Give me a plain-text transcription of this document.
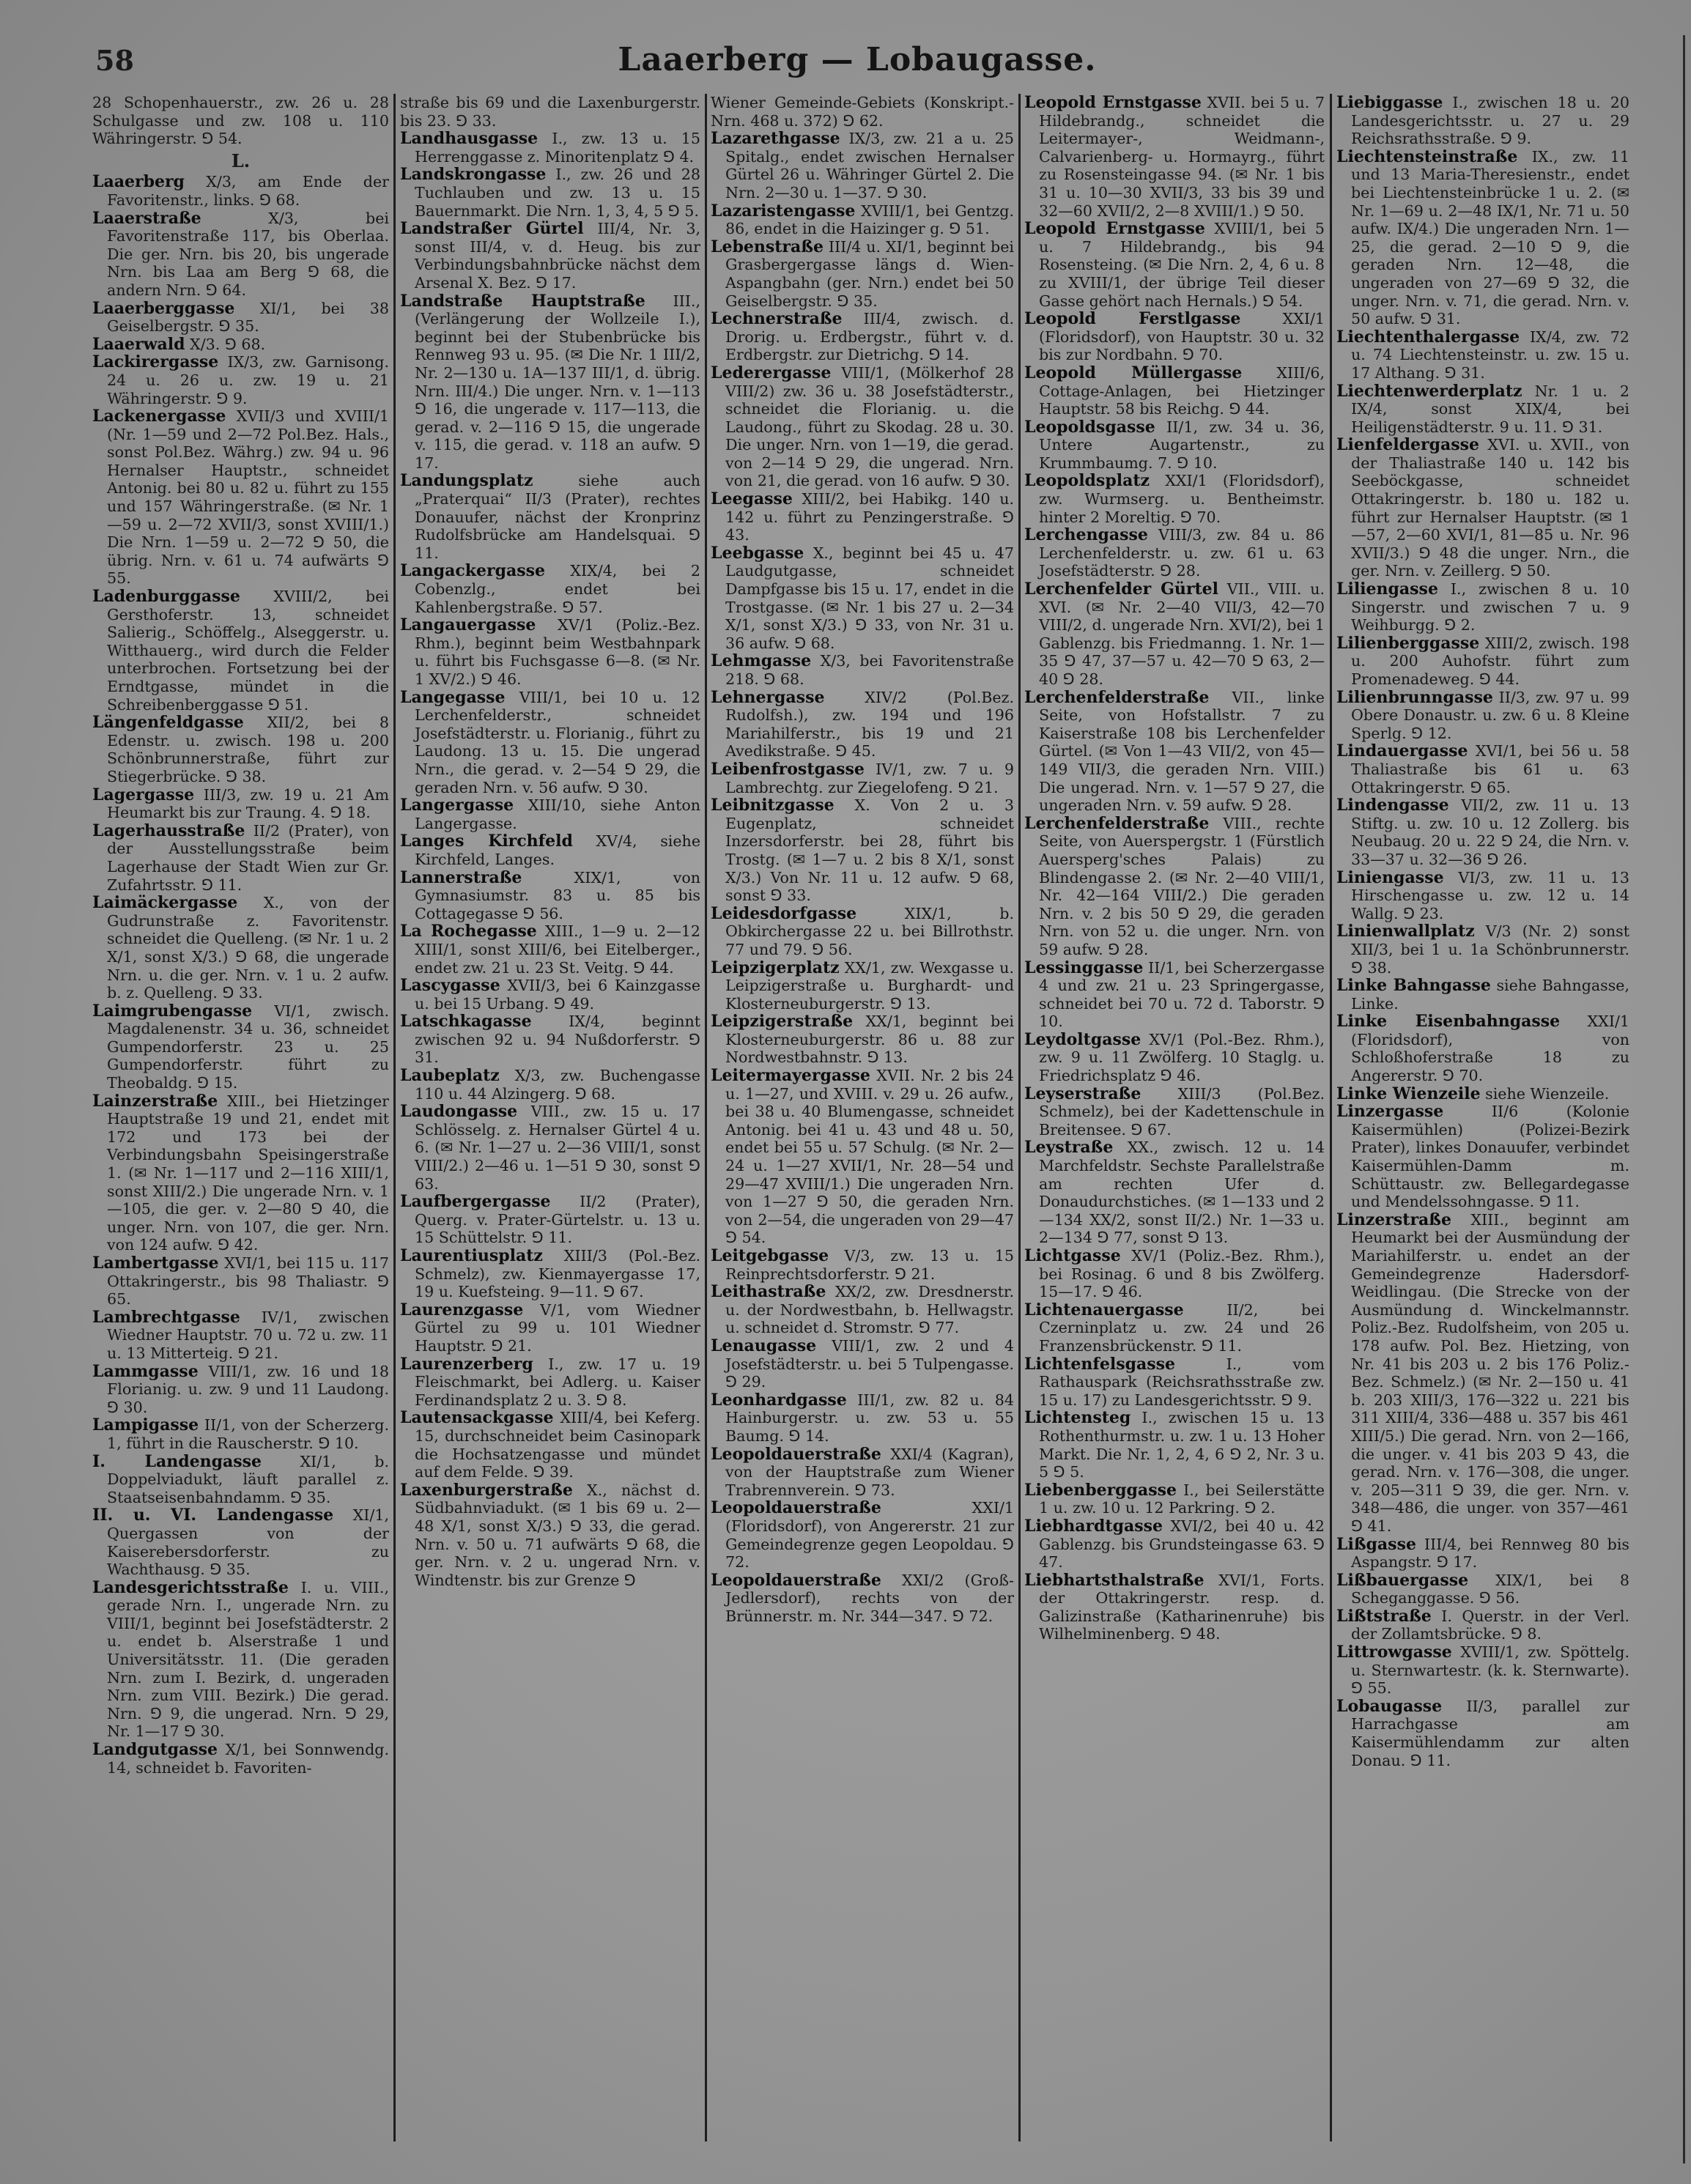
58	Laaerberg — Lobaugasse.

28 Schopenhauerstr., zw. 26 u. 28 Schulgasse und zw. 108 u. 110 Währingerstr. ⅁ 54.

L.

Laaerberg X/3, am Ende der Favoritenstr., links. ⅁ 68.

Laaerstraße	X/3, bei Favoritenstraße 117, bis Oberlaa. Die ger. Nrn. bis 20, bis ungerade Nrn. bis Laa am Berg ⅁ 68, die andern Nrn. ⅁ 64.

Laaerberggasse XI/1, bei 38 Geiselbergstr. ⅁ 35.

Laaerwald X/3. ⅁ 68.

Lackirergasse IX/3, zw. Garnisong. 24 u. 26 u. zw. 19 u. 21 Währingerstr. ⅁ 9.

Lackenergasse XVII/3 und XVIII/1 (Nr. 1—59 und 2—72 Pol.Bez. Hals., sonst Pol.Bez. Währg.) zw. 94 u. 96 Hernalser Hauptstr., schneidet Antonig. bei 80 u. 82 u. führt zu 155 und 157 Währingerstraße. (✉ Nr. 1—59 u. 2—72 XVII/3, sonst XVIII/1.) Die Nrn. 1—59 u. 2—72 ⅁ 50, die übrig. Nrn. v. 61 u. 74 aufwärts ⅁ 55.

Ladenburggasse XVIII/2, bei Gersthoferstr. 13, schneidet Salierig., Schöffelg., Alseggerstr. u. Witthauerg., wird durch die Felder unterbrochen. Fortsetzung bei der Erndtgasse, mündet in die Schreibenberggasse ⅁ 51.

Längenfeldgasse XII/2, bei 8 Edenstr. u. zwisch. 198 u. 200 Schönbrunnerstraße, führt zur Stiegerbrücke. ⅁ 38.

Lagergasse III/3, zw. 19 u. 21 Am Heumarkt bis zur Traung. 4. ⅁ 18.

Lagerhausstraße II/2 (Prater), von der Ausstellungsstraße beim Lagerhause der Stadt Wien zur Gr. Zufahrtsstr. ⅁ 11.

Laimäckergasse X., von der Gudrunstraße z. Favoritenstr. schneidet die Quelleng. (✉ Nr. 1 u. 2 X/1, sonst X/3.) ⅁ 68, die ungerade Nrn. u. die ger. Nrn. v. 1 u. 2 aufw. b. z. Quelleng. ⅁ 33.

Laimgrubengasse VI/1, zwisch. Magdalenenstr. 34 u. 36, schneidet Gumpendorferstr. 23 u. 25 Gumpendorferstr. führt zu Theobaldg. ⅁ 15.

Lainzerstraße XIII., bei Hietzinger Hauptstraße 19 und 21, endet mit 172 und 173 bei der Verbindungsbahn Speisingerstraße 1. (✉ Nr. 1—117 und 2—116 XIII/1, sonst XIII/2.) Die ungerade Nrn. v. 1—105, die ger. v. 2—80 ⅁ 40, die unger. Nrn. von 107, die ger. Nrn. von 124 aufw. ⅁ 42.

Lambertgasse XVI/1, bei 115 u. 117 Ottakringerstr., bis 98 Thaliastr. ⅁ 65.

Lambrechtgasse IV/1, zwischen Wiedner Hauptstr. 70 u. 72 u. zw. 11 u. 13 Mitterteig. ⅁ 21.

Lammgasse VIII/1, zw. 16 und 18 Florianig. u. zw. 9 und 11 Laudong. ⅁ 30.

Lampigasse II/1, von der Scherzerg. 1, führt in die Rauscherstr. ⅁ 10.

I. Landengasse	XI/1, b. Doppelviadukt, läuft parallel z. Staatseisenbahndamm. ⅁ 35.

II. u. VI. Landengasse XI/1, Quergassen von der Kaiserebersdorferstr. zu Wachthausg. ⅁ 35.

Landesgerichtsstraße I. u. VIII., gerade Nrn. I., ungerade Nrn. zu VIII/1, beginnt bei Josefstädterstr. 2 u. endet b. Alserstraße 1 und Universitätsstr. 11. (Die geraden Nrn. zum I. Bezirk, d. ungeraden Nrn. zum VIII. Bezirk.) Die gerad. Nrn. ⅁ 9, die ungerad. Nrn. ⅁ 29, Nr. 1—17 ⅁ 30.

Landgutgasse X/1, bei Sonnwendg. 14, schneidet b. Favoriten-

straße bis 69 und die Laxenburgerstr. bis 23. ⅁ 33.

Landhausgasse I., zw. 13 u. 15 Herrenggasse z. Minoritenplatz ⅁ 4.

Landskrongasse I., zw. 26 und 28 Tuchlauben und zw. 13 u. 15 Bauernmarkt. Die Nrn. 1, 3, 4, 5 ⅁ 5.

Landstraßer Gürtel III/4, Nr. 3, sonst III/4, v. d. Heug. bis zur Verbindungsbahnbrücke nächst dem Arsenal X. Bez. ⅁ 17.

Landstraße Hauptstraße III., (Verlängerung der Wollzeile I.), beginnt bei der Stubenbrücke bis Rennweg 93 u. 95. (✉ Die Nr. 1 III/2, Nr. 2—130 u. 1A—137 III/1, d. übrig. Nrn. III/4.) Die unger. Nrn. v. 1—113 ⅁ 16, die ungerade v. 117—113, die gerad. v. 2—116 ⅁ 15, die ungerade v. 115, die gerad. v. 118 an aufw. ⅁ 17.

Landungsplatz	siehe auch „Praterquai“ II/3 (Prater), rechtes Donauufer, nächst der Kronprinz Rudolfsbrücke am Handelsquai. ⅁ 11.

Langackergasse XIX/4, bei 2 Cobenzlg., endet bei Kahlenbergstraße. ⅁ 57.

Langauergasse XV/1 (Poliz.-Bez. Rhm.), beginnt beim Westbahnpark u. führt bis Fuchsgasse 6—8. (✉ Nr. 1 XV/2.) ⅁ 46.

Langegasse VIII/1, bei 10 u. 12 Lerchenfelderstr., schneidet Josefstädterstr. u. Florianig., führt zu Laudong. 13 u. 15. Die ungerad Nrn., die gerad. v. 2—54 ⅁ 29, die geraden Nrn. v. 56 aufw. ⅁ 30.

Langergasse XIII/10, siehe Anton Langergasse.

Langes Kirchfeld XV/4, siehe Kirchfeld, Langes.

Lannerstraße	XIX/1, von Gymnasiumstr. 83 u. 85 bis Cottagegasse ⅁ 56.

La Rochegasse XIII., 1—9 u. 2—12 XIII/1, sonst XIII/6, bei Eitelberger., endet zw. 21 u. 23 St. Veitg. ⅁ 44.

Lascygasse XVII/3, bei 6 Kainzgasse u. bei 15 Urbang. ⅁ 49.

Latschkagasse IX/4, beginnt zwischen 92 u. 94 Nußdorferstr. ⅁ 31.

Laubeplatz X/3, zw. Buchengasse 110 u. 44 Alzingerg. ⅁ 68.

Laudongasse VIII., zw. 15 u. 17 Schlösselg. z. Hernalser Gürtel 4 u. 6. (✉ Nr. 1—27 u. 2—36 VIII/1, sonst VIII/2.) 2—46 u. 1—51 ⅁ 30, sonst ⅁ 63.

Laufbergergasse II/2 (Prater), Querg. v. Prater-Gürtelstr. u. 13 u. 15 Schüttelstr. ⅁ 11.

Laurentiusplatz XIII/3 (Pol.-Bez. Schmelz), zw. Kienmayergasse 17, 19 u. Kuefsteing. 9—11. ⅁ 67.

Laurenzgasse V/1, vom Wiedner Gürtel zu 99 u. 101 Wiedner Hauptstr. ⅁ 21.

Laurenzerberg I., zw. 17 u. 19 Fleischmarkt, bei Adlerg. u. Kaiser Ferdinandsplatz 2 u. 3. ⅁ 8.

Lautensackgasse XIII/4, bei Keferg. 15, durchschneidet beim Casinopark die Hochsatzengasse und mündet auf dem Felde. ⅁ 39.

Laxenburgerstraße X., nächst d. Südbahnviadukt. (✉ 1 bis 69 u. 2—48 X/1, sonst X/3.) ⅁ 33, die gerad. Nrn. v. 50 u. 71 aufwärts ⅁ 68, die ger. Nrn. v. 2 u. ungerad Nrn. v. Windtenstr. bis zur Grenze ⅁

Wiener Gemeinde-Gebiets (Konskript.-Nrn. 468 u. 372) ⅁ 62.

Lazarethgasse IX/3, zw. 21 a u. 25 Spitalg., endet zwischen Hernalser Gürtel 26 u. Währinger Gürtel 2. Die Nrn. 2—30 u. 1—37. ⅁ 30.

Lazaristengasse XVIII/1, bei Gentzg. 86, endet in die Haizinger g. ⅁ 51.

Lebenstraße III/4 u. XI/1, beginnt bei Grasbergergasse längs d. Wien-Aspangbahn (ger. Nrn.) endet bei 50 Geiselbergstr. ⅁ 35.

Lechnerstraße III/4, zwisch. d. Drorig. u. Erdbergstr., führt v. d. Erdbergstr. zur Dietrichg. ⅁ 14.

Lederergasse VIII/1, (Mölkerhof 28 VIII/2) zw. 36 u. 38 Josefstädterstr., schneidet die Florianig. u. die Laudong., führt zu Skodag. 28 u. 30. Die unger. Nrn. von 1—19, die gerad. von 2—14 ⅁ 29, die ungerad. Nrn. von 21, die gerad. von 16 aufw. ⅁ 30.

Leegasse XIII/2, bei Habikg. 140 u. 142 u. führt zu Penzingerstraße. ⅁ 43.

Leebgasse X., beginnt bei 45 u. 47 Laudgutgasse, schneidet Dampfgasse bis 15 u. 17, endet in die Trostgasse. (✉ Nr. 1 bis 27 u. 2—34 X/1, sonst X/3.) ⅁ 33, von Nr. 31 u. 36 aufw. ⅁ 68.

Lehmgasse X/3, bei Favoritenstraße 218. ⅁ 68.

Lehnergasse	XIV/2 (Pol.Bez. Rudolfsh.), zw. 194 und 196 Mariahilferstr., bis 19 und 21 Avedikstraße. ⅁ 45.

Leibenfrostgasse IV/1, zw. 7 u. 9 Lambrechtg. zur Ziegelofeng. ⅁ 21.

Leibnitzgasse X. Von 2 u. 3 Eugenplatz, schneidet Inzersdorferstr. bei 28, führt bis Trostg. (✉ 1—7 u. 2 bis 8 X/1, sonst X/3.) Von Nr. 11 u. 12 aufw. ⅁ 68, sonst ⅁ 33.

Leidesdorfgasse	XIX/1, b. Obkirchergasse 22 u. bei Billrothstr. 77 und 79. ⅁ 56.

Leipzigerplatz XX/1, zw. Wexgasse u. Leipzigerstraße u. Burghardt- und Klosterneuburgerstr. ⅁ 13.

Leipzigerstraße XX/1, beginnt bei Klosterneuburgerstr. 86 u. 88 zur Nordwestbahnstr. ⅁ 13.

Leitermayergasse XVII. Nr. 2 bis 24 u. 1—27, und XVIII. v. 29 u. 26 aufw., bei 38 u. 40 Blumengasse, schneidet Antonig. bei 41 u. 43 und 48 u. 50, endet bei 55 u. 57 Schulg. (✉ Nr. 2—24 u. 1—27 XVII/1, Nr. 28—54 und 29—47 XVIII/1.) Die ungeraden Nrn. von 1—27 ⅁ 50, die geraden Nrn. von 2—54, die ungeraden von 29—47 ⅁ 54.

Leitgebgasse V/3, zw. 13 u. 15 Reinprechtsdorferstr. ⅁ 21.

Leithastraße XX/2, zw. Dresdnerstr. u. der Nordwestbahn, b. Hellwagstr. u. schneidet d. Stromstr. ⅁ 77.

Lenaugasse VIII/1, zw. 2 und 4 Josefstädterstr. u. bei 5 Tulpengasse. ⅁ 29.

Leonhardgasse III/1, zw. 82 u. 84 Hainburgerstr. u. zw. 53 u. 55 Baumg. ⅁ 14.

Leopoldauerstraße XXI/4 (Kagran), von der Hauptstraße zum Wiener Trabrennverein. ⅁ 73.

Leopoldauerstraße	XXI/1 (Floridsdorf), von Angererstr. 21 zur Gemeindegrenze gegen Leopoldau. ⅁ 72.

Leopoldauerstraße XXI/2 (Groß-Jedlersdorf), rechts von der Brünnerstr. m. Nr. 344—347. ⅁ 72.

Leopold Ernstgasse XVII. bei 5 u. 7 Hildebrandg., schneidet die Leitermayer-, Weidmann-, Calvarienberg- u. Hormayrg., führt zu Rosensteingasse 94. (✉ Nr. 1 bis 31 u. 10—30 XVII/3, 33 bis 39 und 32—60 XVII/2, 2—8 XVIII/1.) ⅁ 50.

Leopold Ernstgasse XVIII/1, bei 5 u. 7 Hildebrandg., bis 94 Rosensteing. (✉ Die Nrn. 2, 4, 6 u. 8 zu XVIII/1, der übrige Teil dieser Gasse gehört nach Hernals.) ⅁ 54.

Leopold Ferstlgasse	XXI/1 (Floridsdorf), von Hauptstr. 30 u. 32 bis zur Nordbahn. ⅁ 70.

Leopold Müllergasse XIII/6, Cottage-Anlagen, bei Hietzinger Hauptstr. 58 bis Reichg. ⅁ 44.

Leopoldsgasse II/1, zw. 34 u. 36, Untere Augartenstr., zu Krummbaumg. 7. ⅁ 10.

Leopoldsplatz XXI/1 (Floridsdorf), zw. Wurmserg. u. Bentheimstr. hinter 2 Moreltig. ⅁ 70.

Lerchengasse VIII/3, zw. 84 u. 86 Lerchenfelderstr. u. zw. 61 u. 63 Josefstädterstr. ⅁ 28.

Lerchenfelder Gürtel VII., VIII. u. XVI. (✉ Nr. 2—40 VII/3, 42—70 VIII/2, d. ungerade Nrn. XVI/2), bei 1 Gablenzg. bis Friedmanng. 1. Nr. 1—35 ⅁ 47, 37—57 u. 42—70 ⅁ 63, 2—40 ⅁ 28.

Lerchenfelderstraße VII., linke Seite, von Hofstallstr. 7 zu Kaiserstraße 108 bis Lerchenfelder Gürtel. (✉ Von 1—43 VII/2, von 45—149 VII/3, die geraden Nrn. VIII.) Die ungerad. Nrn. v. 1—57 ⅁ 27, die ungeraden Nrn. v. 59 aufw. ⅁ 28.

Lerchenfelderstraße VIII., rechte Seite, von Auerspergstr. 1 (Fürstlich Auersperg'sches Palais) zu Blindengasse 2. (✉ Nr. 2—40 VIII/1, Nr. 42—164 VIII/2.) Die geraden Nrn. v. 2 bis 50 ⅁ 29, die geraden Nrn. von 52 u. die unger. Nrn. von 59 aufw. ⅁ 28.

Lessinggasse II/1, bei Scherzergasse 4 und zw. 21 u. 23 Springergasse, schneidet bei 70 u. 72 d. Taborstr. ⅁ 10.

Leydoltgasse XV/1 (Pol.-Bez. Rhm.), zw. 9 u. 11 Zwölferg. 10 Staglg. u. Friedrichsplatz ⅁ 46.

Leyserstraße XIII/3 (Pol.Bez. Schmelz), bei der Kadettenschule in Breitensee. ⅁ 67.

Leystraße XX., zwisch. 12 u. 14 Marchfeldstr. Sechste Parallelstraße am rechten Ufer d. Donaudurchstiches. (✉ 1—133 und 2—134 XX/2, sonst II/2.) Nr. 1—33 u. 2—134 ⅁ 77, sonst ⅁ 13.

Lichtgasse XV/1 (Poliz.-Bez. Rhm.), bei Rosinag. 6 und 8 bis Zwölferg. 15—17. ⅁ 46.

Lichtenauergasse	II/2, bei Czerninplatz u. zw. 24 und 26 Franzensbrückenstr. ⅁ 11.

Lichtenfelsgasse	I., vom Rathauspark (Reichsrathsstraße zw. 15 u. 17) zu Landesgerichtsstr. ⅁ 9.

Lichtensteg I., zwischen 15 u. 13 Rothenthurmstr. u. zw. 1 u. 13 Hoher Markt. Die Nr. 1, 2, 4, 6 ⅁ 2, Nr. 3 u. 5 ⅁ 5.

Liebenberggasse I., bei Seilerstätte 1 u. zw. 10 u. 12 Parkring. ⅁ 2.

Liebhardtgasse XVI/2, bei 40 u. 42 Gablenzg. bis Grundsteingasse 63. ⅁ 47.

Liebhartsthalstraße XVI/1, Forts. der Ottakringerstr. resp. d. Galizinstraße (Katharinenruhe) bis Wilhelminenberg. ⅁ 48.

Liebiggasse I., zwischen 18 u. 20 Landesgerichtsstr. u. 27 u. 29 Reichsrathsstraße. ⅁ 9.

Liechtensteinstraße IX., zw. 11 und 13 Maria-Theresienstr., endet bei Liechtensteinbrücke 1 u. 2. (✉ Nr. 1—69 u. 2—48 IX/1, Nr. 71 u. 50 aufw. IX/4.) Die ungeraden Nrn. 1—25, die gerad. 2—10 ⅁ 9, die geraden Nrn. 12—48, die ungeraden von 27—69 ⅁ 32, die unger. Nrn. v. 71, die gerad. Nrn. v. 50 aufw. ⅁ 31.

Liechtenthalergasse IX/4, zw. 72 u. 74 Liechtensteinstr. u. zw. 15 u. 17 Althang. ⅁ 31.

Liechtenwerderplatz Nr. 1 u. 2 IX/4, sonst XIX/4, bei Heiligenstädterstr. 9 u. 11. ⅁ 31.

Lienfeldergasse XVI. u. XVII., von der Thaliastraße 140 u. 142 bis Seeböckgasse, schneidet Ottakringerstr. b. 180 u. 182 u. führt zur Hernalser Hauptstr. (✉ 1—57, 2—60 XVI/1, 81—85 u. Nr. 96 XVII/3.) ⅁ 48 die unger. Nrn., die ger. Nrn. v. Zeillerg. ⅁ 50.

Liliengasse I., zwischen 8 u. 10 Singerstr. und zwischen 7 u. 9 Weihburgg. ⅁ 2.

Lilienberggasse XIII/2, zwisch. 198 u. 200 Auhofstr. führt zum Promenadeweg. ⅁ 44.

Lilienbrunngasse II/3, zw. 97 u. 99 Obere Donaustr. u. zw. 6 u. 8 Kleine Sperlg. ⅁ 12.

Lindauergasse XVI/1, bei 56 u. 58 Thaliastraße bis 61 u. 63 Ottakringerstr. ⅁ 65.

Lindengasse VII/2, zw. 11 u. 13 Stiftg. u. zw. 10 u. 12 Zollerg. bis Neubaug. 20 u. 22 ⅁ 24, die Nrn. v. 33—37 u. 32—36 ⅁ 26.

Liniengasse VI/3, zw. 11 u. 13 Hirschengasse u. zw. 12 u. 14 Wallg. ⅁ 23.

Linienwallplatz V/3 (Nr. 2) sonst XII/3, bei 1 u. 1a Schönbrunnerstr. ⅁ 38.

Linke Bahngasse siehe Bahngasse, Linke.

Linke Eisenbahngasse XXI/1 (Floridsdorf), von Schloßhoferstraße 18 zu Angererstr. ⅁ 70.

Linke Wienzeile siehe Wienzeile.

Linzergasse	II/6 (Kolonie Kaisermühlen) (Polizei-Bezirk Prater), linkes Donauufer, verbindet Kaisermühlen-Damm m. Schüttaustr. zw. Bellegardegasse und Mendelssohngasse. ⅁ 11.

Linzerstraße XIII., beginnt am Heumarkt bei der Ausmündung der Mariahilferstr. u. endet an der Gemeindegrenze Hadersdorf-Weidlingau. (Die Strecke von der Ausmündung d. Winckelmannstr. Poliz.-Bez. Rudolfsheim, von 205 u. 178 aufw. Pol. Bez. Hietzing, von Nr. 41 bis 203 u. 2 bis 176 Poliz.-Bez. Schmelz.) (✉ Nr. 2—150 u. 41 b. 203 XIII/3, 176—322 u. 221 bis 311 XIII/4, 336—488 u. 357 bis 461 XIII/5.) Die gerad. Nrn. von 2—166, die unger. v. 41 bis 203 ⅁ 43, die gerad. Nrn. v. 176—308, die unger. v. 205—311 ⅁ 39, die ger. Nrn. v. 348—486, die unger. von 357—461 ⅁ 41.

Lißgasse III/4, bei Rennweg 80 bis Aspangstr. ⅁ 17.

Lißbauergasse XIX/1, bei 8 Scheganggasse. ⅁ 56.

Lißtstraße I. Querstr. in der Verl. der Zollamtsbrücke. ⅁ 8.

Littrowgasse XVIII/1, zw. Spöttelg. u. Sternwartestr. (k. k. Sternwarte). ⅁ 55.

Lobaugasse II/3, parallel zur Harrachgasse am Kaisermühlendamm zur alten Donau. ⅁ 11.
